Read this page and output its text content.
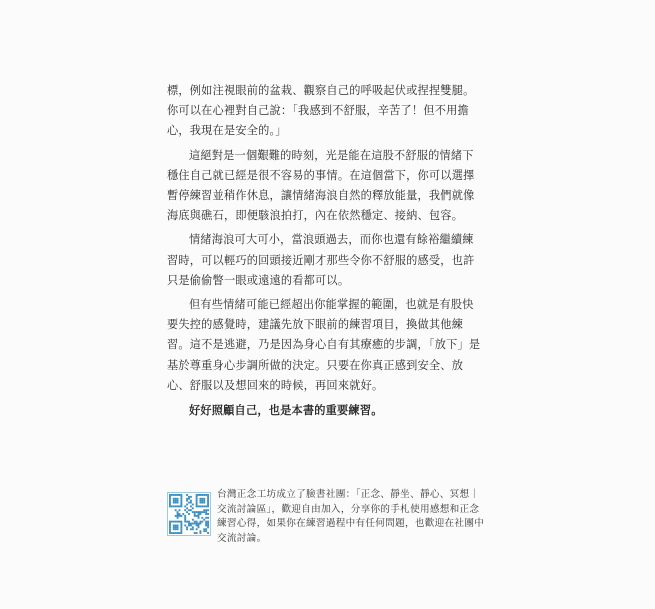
標，例如注視眼前的盆栽、觀察自己的呼吸起伏或捏捏雙腿。你可以在心裡對自己說：「我感到不舒服，辛苦了！但不用擔心，我現在是安全的。」

這絕對是一個艱難的時刻，光是能在這股不舒服的情緒下穩住自己就已經是很不容易的事情。在這個當下，你可以選擇暫停練習並稍作休息，讓情緒海浪自然的釋放能量，我們就像海底與礁石，即便駭浪拍打，內在依然穩定、接納、包容。

情緒海浪可大可小，當浪頭過去，而你也還有餘裕繼續練習時，可以輕巧的回頭接近剛才那些令你不舒服的感受，也許只是偷偷瞥一眼或遠遠的看都可以。

但有些情緒可能已經超出你能掌握的範圍，也就是有股快要失控的感覺時，建議先放下眼前的練習項目，換做其他練習。這不是逃避，乃是因為身心自有其療癒的步調，「放下」是基於尊重身心步調所做的決定。只要在你真正感到安全、放心、舒服以及想回來的時候，再回來就好。

好好照顧自己，也是本書的重要練習。

台灣正念工坊成立了臉書社團：「正念、靜坐、靜心、冥想｜交流討論區」，歡迎自由加入，分享你的手札使用感想和正念練習心得，如果你在練習過程中有任何問題，也歡迎在社團中交流討論。
